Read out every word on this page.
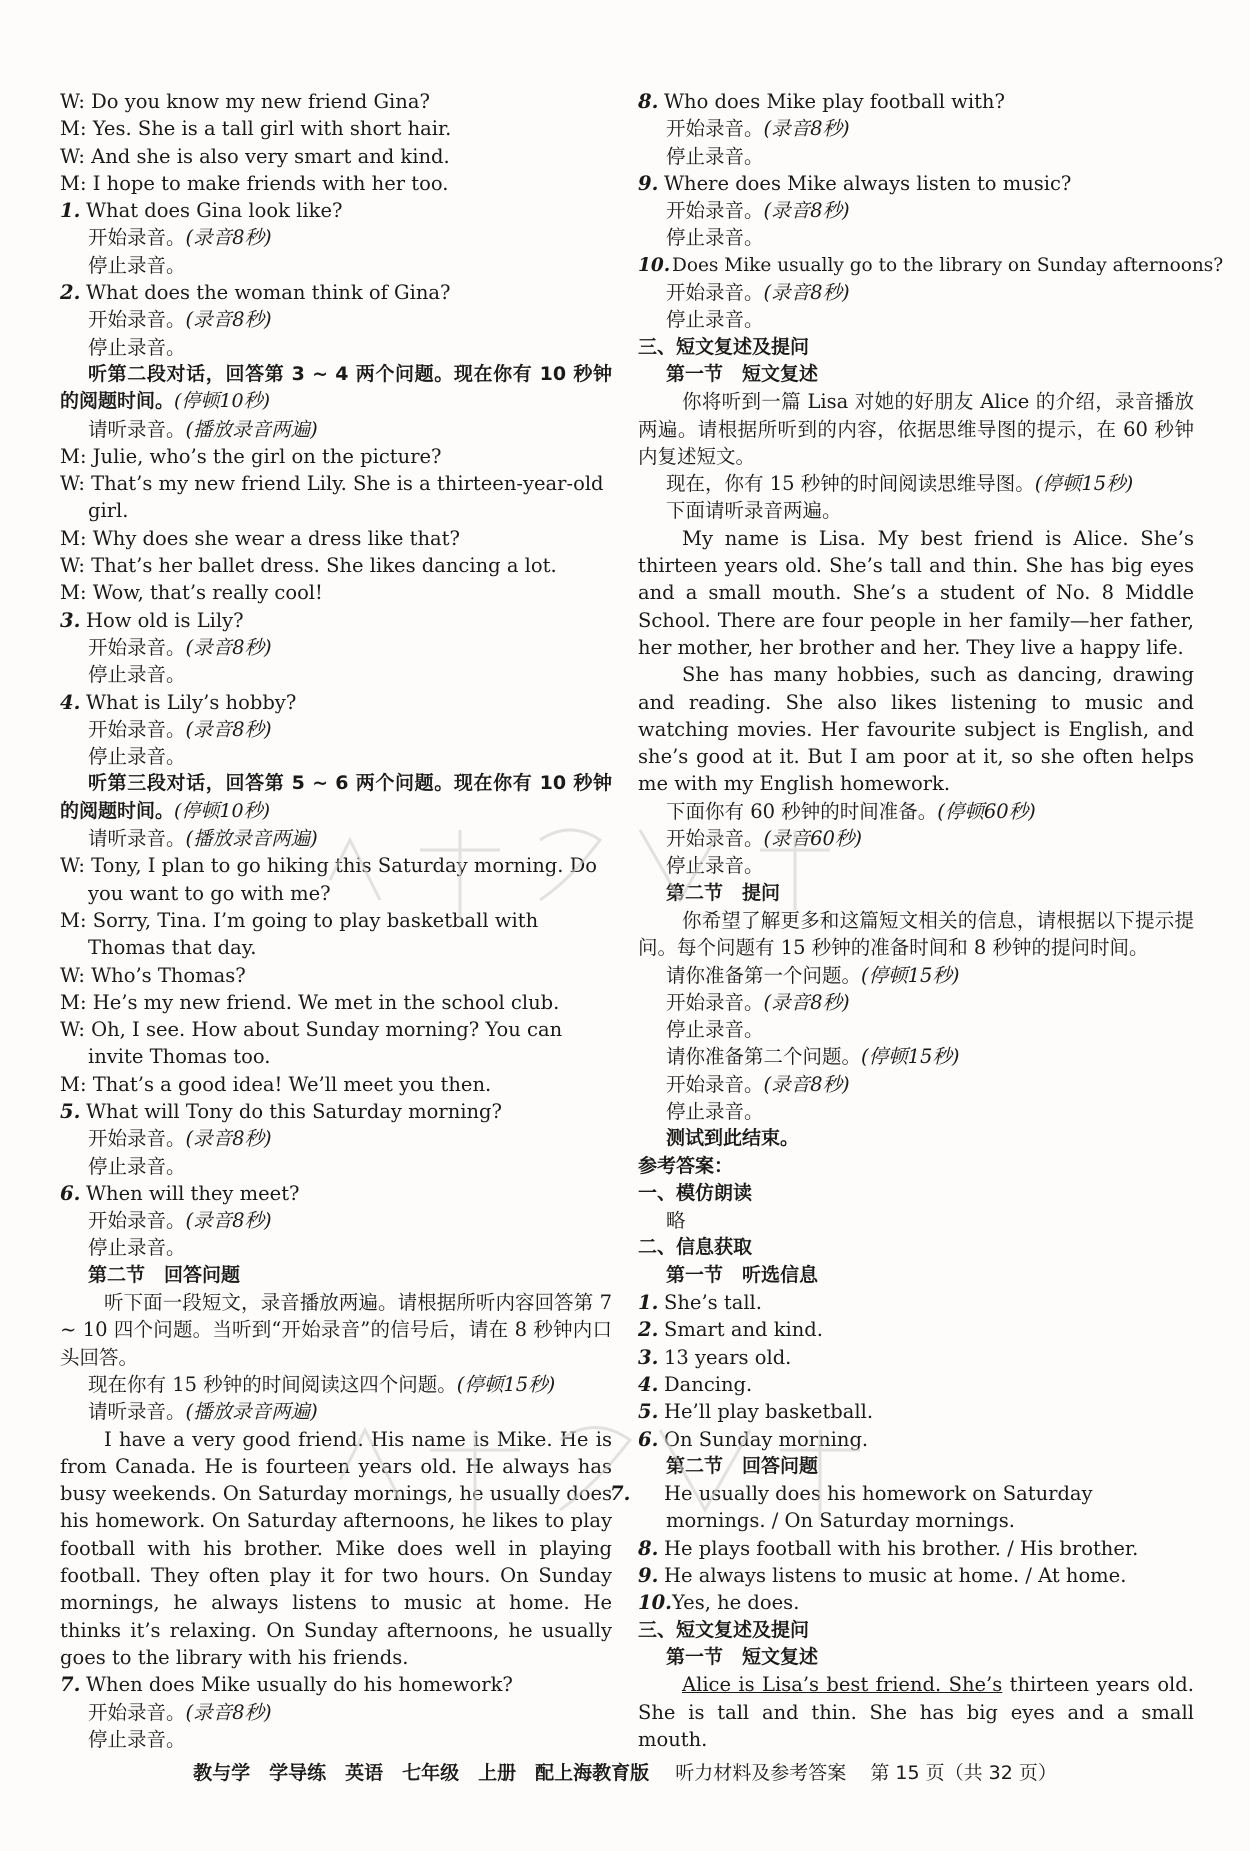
W: Do you know my new friend Gina?
M: Yes. She is a tall girl with short hair.
W: And she is also very smart and kind.
M: I hope to make friends with her too.
1. What does Gina look like?
开始录音。(录音8秒)
停止录音。
2. What does the woman think of Gina?
开始录音。(录音8秒)
停止录音。
听第二段对话，回答第 3 ~ 4 两个问题。现在你有 10 秒钟的阅题时间。(停顿10秒)
请听录音。(播放录音两遍)
M: Julie, who’s the girl on the picture?
W: That’s my new friend Lily. She is a thirteen-year-old girl.
M: Why does she wear a dress like that?
W: That’s her ballet dress. She likes dancing a lot.
M: Wow, that’s really cool!
3. How old is Lily?
开始录音。(录音8秒)
停止录音。
4. What is Lily’s hobby?
开始录音。(录音8秒)
停止录音。
听第三段对话，回答第 5 ~ 6 两个问题。现在你有 10 秒钟的阅题时间。(停顿10秒)
请听录音。(播放录音两遍)
W: Tony, I plan to go hiking this Saturday morning. Do you want to go with me?
M: Sorry, Tina. I’m going to play basketball with Thomas that day.
W: Who’s Thomas?
M: He’s my new friend. We met in the school club.
W: Oh, I see. How about Sunday morning? You can invite Thomas too.
M: That’s a good idea! We’ll meet you then.
5. What will Tony do this Saturday morning?
开始录音。(录音8秒)
停止录音。
6. When will they meet?
开始录音。(录音8秒)
停止录音。
第二节　回答问题
听下面一段短文，录音播放两遍。请根据所听内容回答第 7 ~ 10 四个问题。当听到“开始录音”的信号后，请在 8 秒钟内口头回答。
现在你有 15 秒钟的时间阅读这四个问题。(停顿15秒)
请听录音。(播放录音两遍)
I have a very good friend. His name is Mike. He is from Canada. He is fourteen years old. He always has busy weekends. On Saturday mornings, he usually does his homework. On Saturday afternoons, he likes to play football with his brother. Mike does well in playing football. They often play it for two hours. On Sunday mornings, he always listens to music at home. He thinks it’s relaxing. On Sunday afternoons, he usually goes to the library with his friends.
7. When does Mike usually do his homework?
开始录音。(录音8秒)
停止录音。
8. Who does Mike play football with?
开始录音。(录音8秒)
停止录音。
9. Where does Mike always listen to music?
开始录音。(录音8秒)
停止录音。
10.Does Mike usually go to the library on Sunday afternoons?
开始录音。(录音8秒)
停止录音。
三、短文复述及提问
第一节　短文复述
你将听到一篇 Lisa 对她的好朋友 Alice 的介绍，录音播放两遍。请根据所听到的内容，依据思维导图的提示，在 60 秒钟内复述短文。
现在，你有 15 秒钟的时间阅读思维导图。(停顿15秒)
下面请听录音两遍。
My name is Lisa. My best friend is Alice. She’s thirteen years old. She’s tall and thin. She has big eyes and a small mouth. She’s a student of No. 8 Middle School. There are four people in her family—her father, her mother, her brother and her. They live a happy life.
She has many hobbies, such as dancing, drawing and reading. She also likes listening to music and watching movies. Her favourite subject is English, and she’s good at it. But I am poor at it, so she often helps me with my English homework.
下面你有 60 秒钟的时间准备。(停顿60秒)
开始录音。(录音60秒)
停止录音。
第二节　提问
你希望了解更多和这篇短文相关的信息，请根据以下提示提问。每个问题有 15 秒钟的准备时间和 8 秒钟的提问时间。
请你准备第一个问题。(停顿15秒)
开始录音。(录音8秒)
停止录音。
请你准备第二个问题。(停顿15秒)
开始录音。(录音8秒)
停止录音。
测试到此结束。
参考答案：
一、模仿朗读
略
二、信息获取
第一节　听选信息
1. She’s tall.
2. Smart and kind.
3. 13 years old.
4. Dancing.
5. He’ll play basketball.
6. On Sunday morning.
第二节　回答问题
7. He usually does his homework on Saturday mornings. / On Saturday mornings.
8. He plays football with his brother. / His brother.
9. He always listens to music at home. / At home.
10.Yes, he does.
三、短文复述及提问
第一节　短文复述
Alice is Lisa’s best friend. She’s thirteen years old. She is tall and thin. She has big eyes and a small mouth.
教与学　学导练　英语　七年级　上册　配上海教育版 听力材料及参考答案 第 15 页（共 32 页）
